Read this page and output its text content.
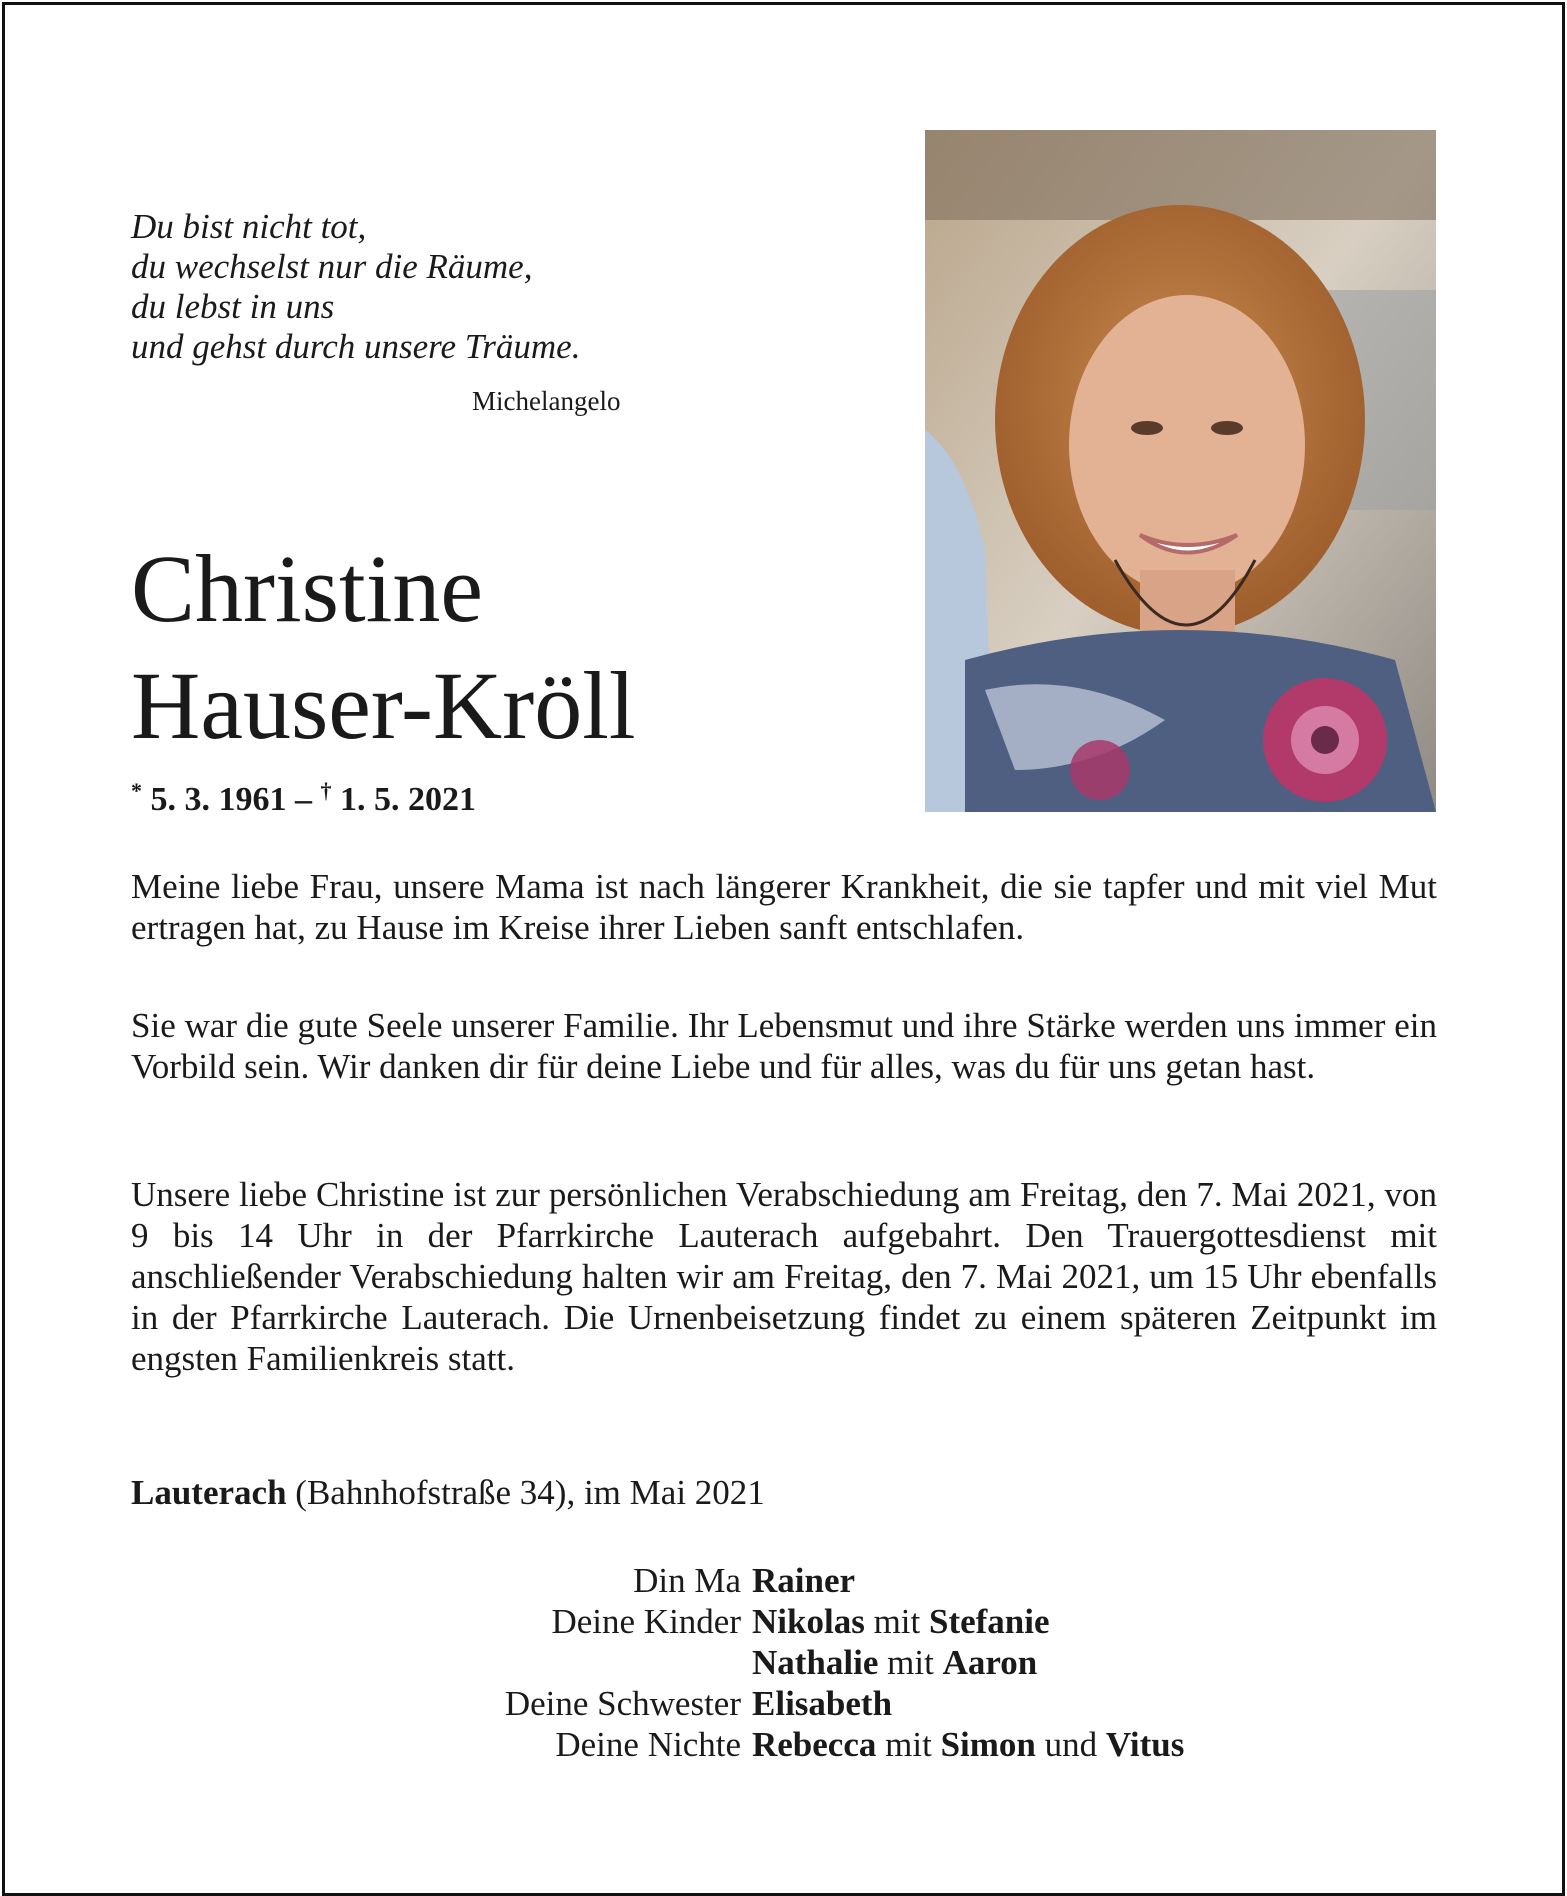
Du bist nicht tot,
du wechselst nur die Räume,
du lebst in uns
und gehst durch unsere Träume.
Michelangelo
Christine
Hauser-Kröll
* 5. 3. 1961 – † 1. 5. 2021

Meine liebe Frau, unsere Mama ist nach längerer Krankheit, die sie tapfer und mit viel Mut ertragen hat, zu Hause im Kreise ihrer Lieben sanft entschlafen.

Sie war die gute Seele unserer Familie. Ihr Lebensmut und ihre Stärke werden uns immer ein Vorbild sein. Wir danken dir für deine Liebe und für alles, was du für uns getan hast.

Unsere liebe Christine ist zur persönlichen Verabschiedung am Freitag, den 7. Mai 2021, von 9 bis 14 Uhr in der Pfarrkirche Lauterach aufgebahrt. Den Trauergottesdienst mit anschließender Verabschiedung halten wir am Freitag, den 7. Mai 2021, um 15 Uhr ebenfalls in der Pfarrkirche Lauterach. Die Urnenbeisetzung findet zu einem späteren Zeitpunkt im engsten Familienkreis statt.

Lauterach (Bahnhofstraße 34), im Mai 2021
Din Ma Rainer
Deine Kinder Nikolas mit Stefanie
Nathalie mit Aaron
Deine Schwester Elisabeth
Deine Nichte Rebecca mit Simon und Vitus
